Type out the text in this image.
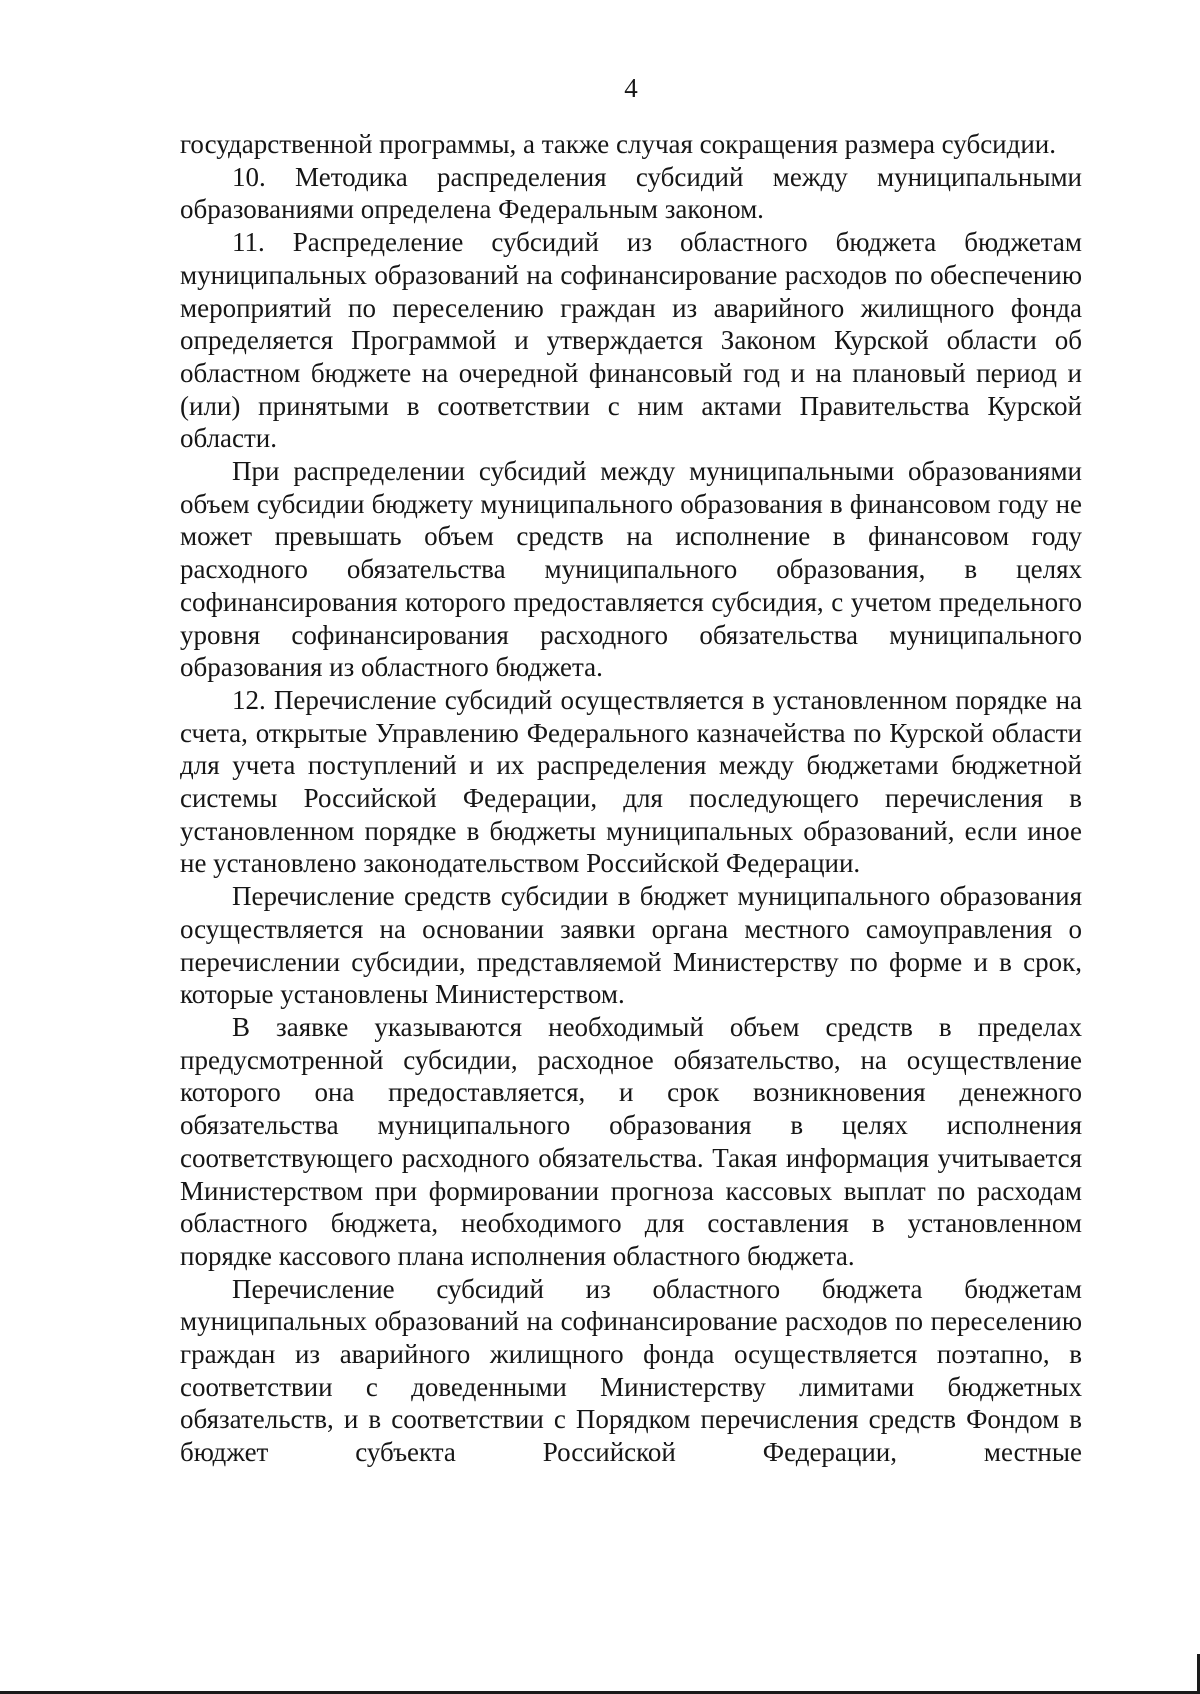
4

государственной программы, а также случая сокращения размера субсидии.

10. Методика распределения субсидий между муниципальными образованиями определена Федеральным законом.

11. Распределение субсидий из областного бюджета бюджетам муниципальных образований на софинансирование расходов по обеспечению мероприятий по переселению граждан из аварийного жилищного фонда определяется Программой и утверждается Законом Курской области об областном бюджете на очередной финансовый год и на плановый период и (или) принятыми в соответствии с ним актами Правительства Курской области.

При распределении субсидий между муниципальными образованиями объем субсидии бюджету муниципального образования в финансовом году не может превышать объем средств на исполнение в финансовом году расходного обязательства муниципального образования, в целях софинансирования которого предоставляется субсидия, с учетом предельного уровня софинансирования расходного обязательства муниципального образования из областного бюджета.

12. Перечисление субсидий осуществляется в установленном порядке на счета, открытые Управлению Федерального казначейства по Курской области для учета поступлений и их распределения между бюджетами бюджетной системы Российской Федерации, для последующего перечисления в установленном порядке в бюджеты муниципальных образований, если иное не установлено законодательством Российской Федерации.

Перечисление средств субсидии в бюджет муниципального образования осуществляется на основании заявки органа местного самоуправления о перечислении субсидии, представляемой Министерству по форме и в срок, которые установлены Министерством.

В заявке указываются необходимый объем средств в пределах предусмотренной субсидии, расходное обязательство, на осуществление которого она предоставляется, и срок возникновения денежного обязательства муниципального образования в целях исполнения соответствующего расходного обязательства. Такая информация учитывается Министерством при формировании прогноза кассовых выплат по расходам областного бюджета, необходимого для составления в установленном порядке кассового плана исполнения областного бюджета.

Перечисление субсидий из областного бюджета бюджетам муниципальных образований на софинансирование расходов по переселению граждан из аварийного жилищного фонда осуществляется поэтапно, в соответствии с доведенными Министерству лимитами бюджетных обязательств, и в соответствии с Порядком перечисления средств Фондом в бюджет субъекта Российской Федерации, местные
